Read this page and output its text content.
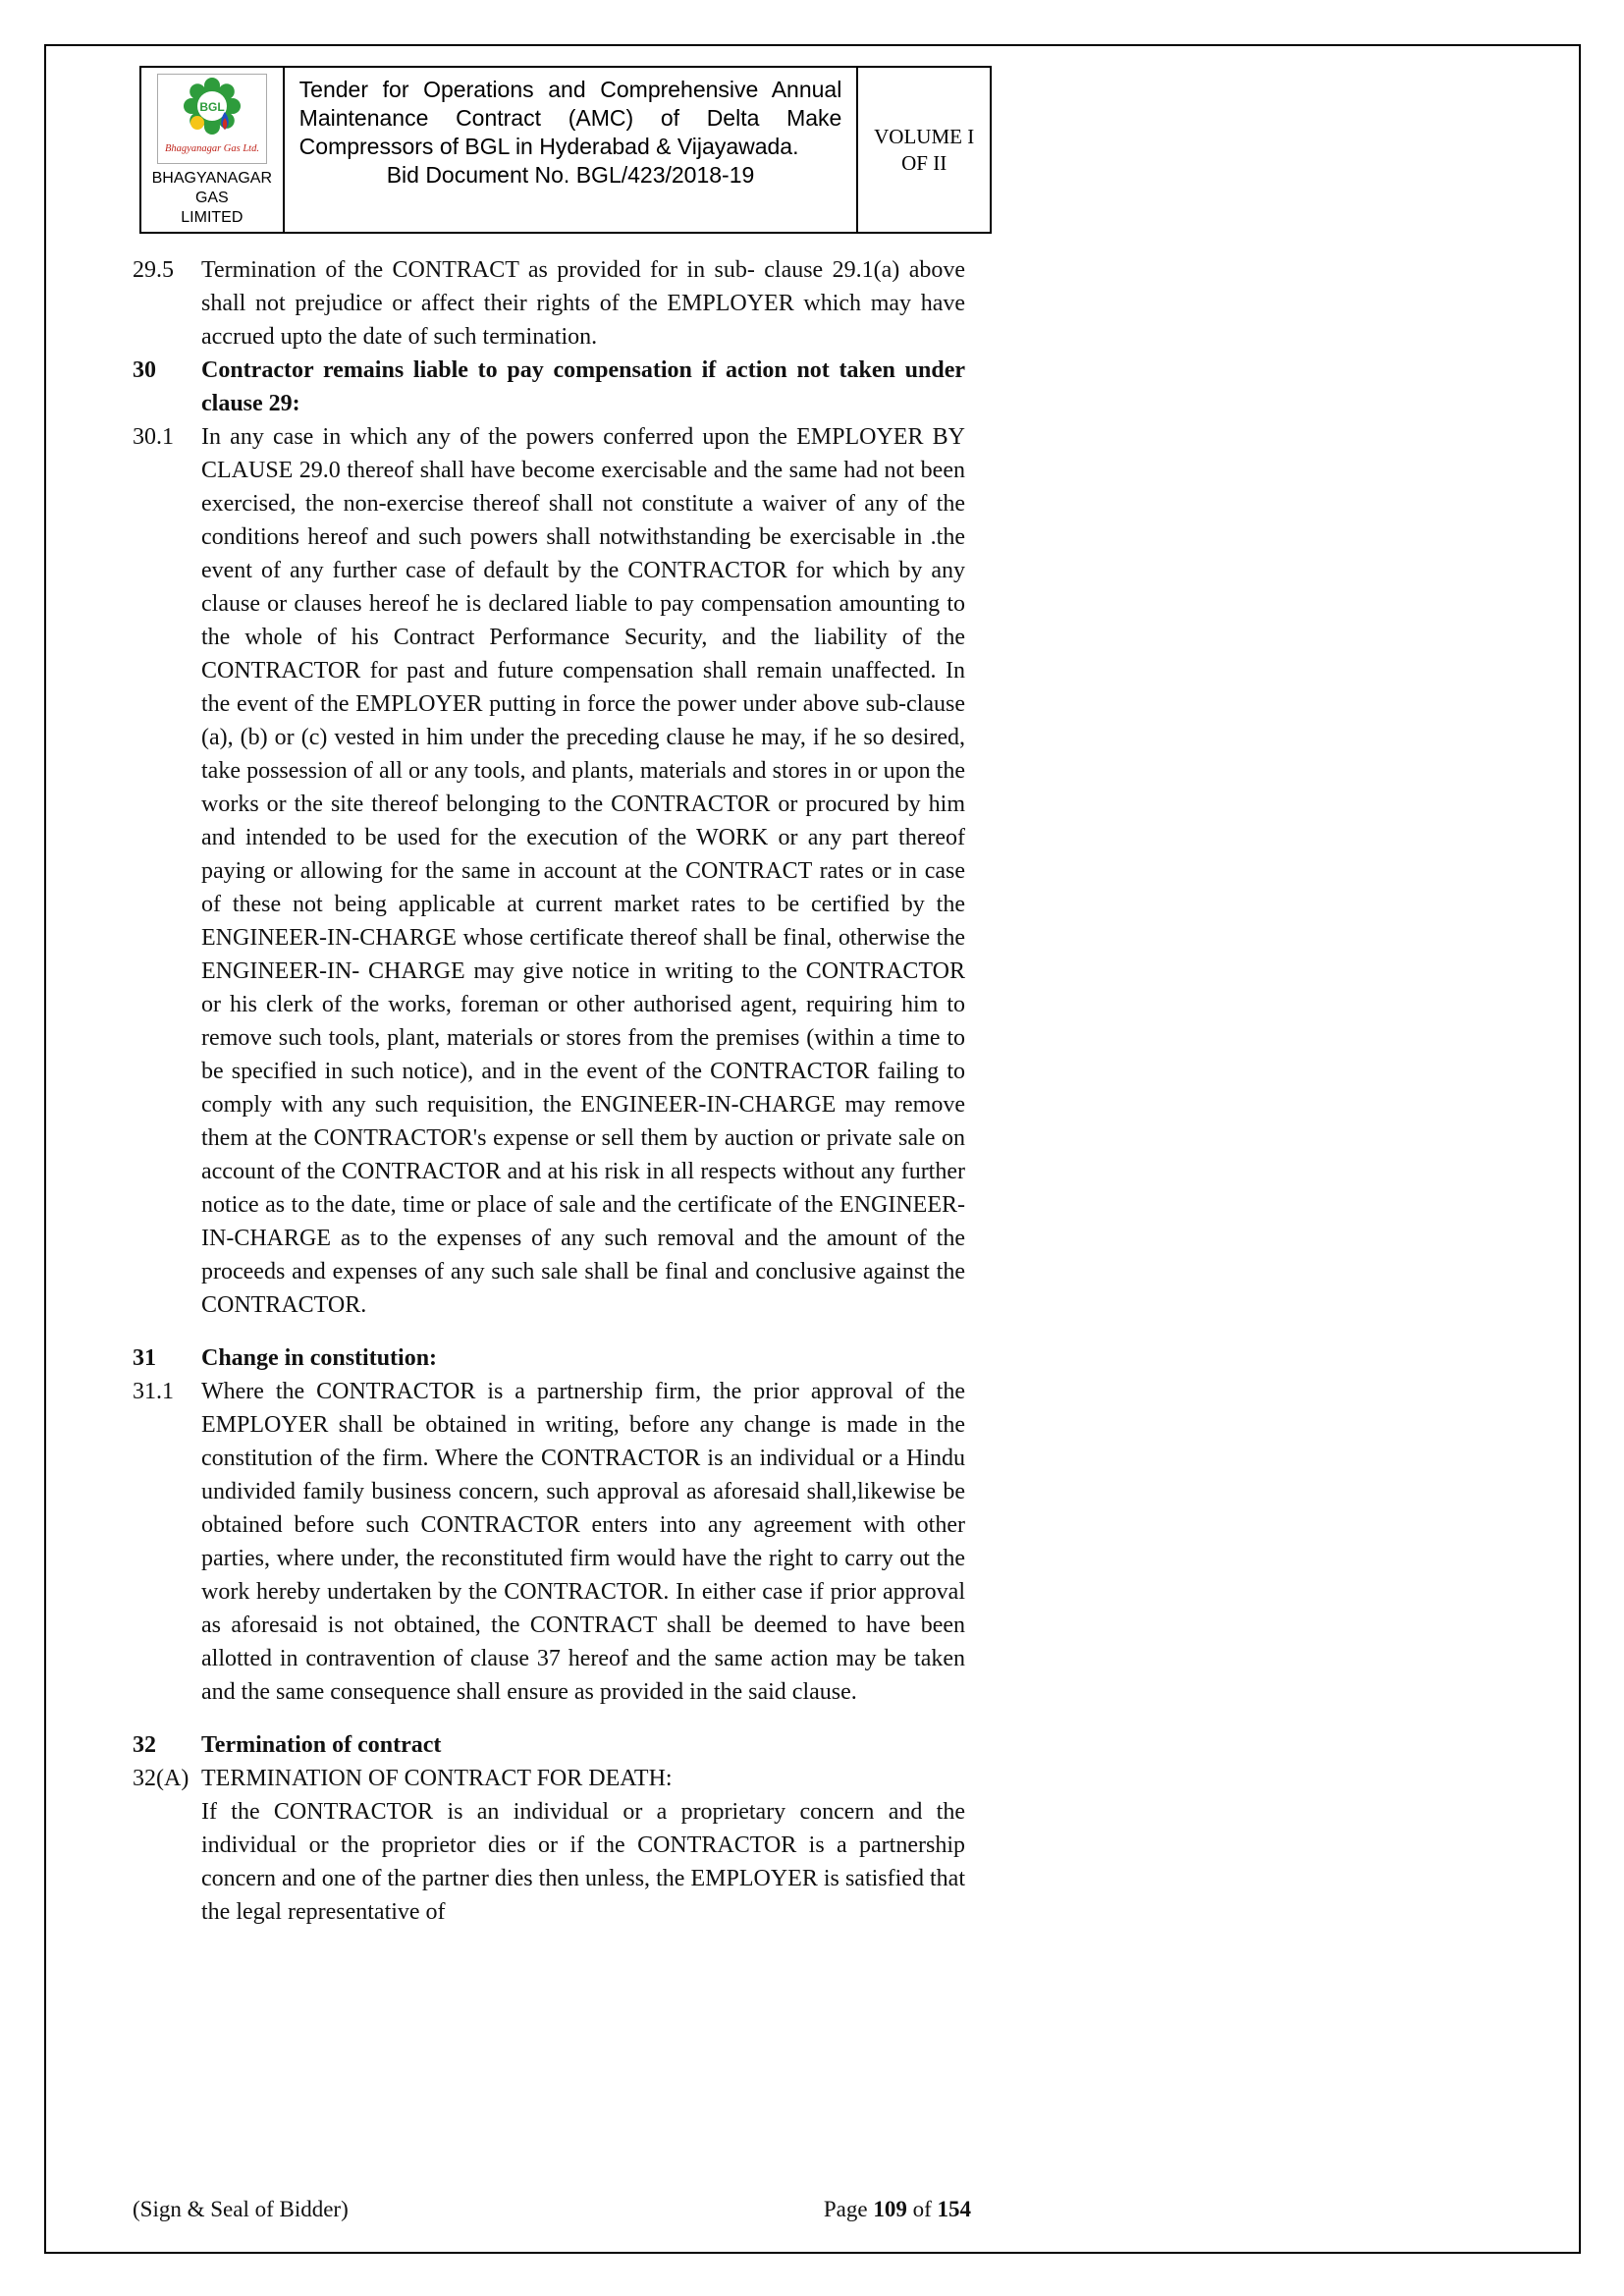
BGL
Bhagyanagar Gas Ltd.
BHAGYANAGAR GAS
LIMITED
Tender for Operations and Comprehensive Annual Maintenance Contract (AMC) of Delta Make Compressors of BGL in Hyderabad & Vijayawada.
Bid Document No. BGL/423/2018-19
VOLUME I
OF II
29.5	Termination of the CONTRACT as provided for in sub- clause 29.1(a) above shall not prejudice or affect their rights of the EMPLOYER which may have accrued upto the date of such termination.
30	Contractor remains liable to pay compensation if action not taken under clause 29:
30.1	In any case in which any of the powers conferred upon the EMPLOYER BY CLAUSE 29.0 thereof shall have become exercisable and the same had not been exercised, the non-exercise thereof shall not constitute a waiver of any of the conditions hereof and such powers shall notwithstanding be exercisable in .the event of any further case of default by the CONTRACTOR for which by any clause or clauses hereof he is declared liable to pay compensation amounting to the whole of his Contract Performance Security, and the liability of the CONTRACTOR for past and future compensation shall remain unaffected. In the event of the EMPLOYER putting in force the power under above sub-clause (a), (b) or (c) vested in him under the preceding clause he may, if he so desired, take possession of all or any tools, and plants, materials and stores in or upon the works or the site thereof belonging to the CONTRACTOR or procured by him and intended to be used for the execution of the WORK or any part thereof paying or allowing for the same in account at the CONTRACT rates or in case of these not being applicable at current market rates to be certified by the ENGINEER-IN-CHARGE whose certificate thereof shall be final, otherwise the ENGINEER-IN- CHARGE may give notice in writing to the CONTRACTOR or his clerk of the works, foreman or other authorised agent, requiring him to remove such tools, plant, materials or stores from the premises (within a time to be specified in such notice), and in the event of the CONTRACTOR failing to comply with any such requisition, the ENGINEER-IN-CHARGE may remove them at the CONTRACTOR's expense or sell them by auction or private sale on account of the CONTRACTOR and at his risk in all respects without any further notice as to the date, time or place of sale and the certificate of the ENGINEER-IN-CHARGE as to the expenses of any such removal and the amount of the proceeds and expenses of any such sale shall be final and conclusive against the CONTRACTOR.
31	Change in constitution:
31.1	Where the CONTRACTOR is a partnership firm, the prior approval of the EMPLOYER shall be obtained in writing, before any change is made in the constitution of the firm. Where the CONTRACTOR is an individual or a Hindu undivided family business concern, such approval as aforesaid shall,likewise be obtained before such CONTRACTOR enters into any agreement with other parties, where under, the reconstituted firm would have the right to carry out the work hereby undertaken by the CONTRACTOR. In either case if prior approval as aforesaid is not obtained, the CONTRACT shall be deemed to have been allotted in contravention of clause 37 hereof and the same action may be taken and the same consequence shall ensure as provided in the said clause.
32	Termination of contract
32(A) TERMINATION OF CONTRACT FOR DEATH:
If the CONTRACTOR is an individual or a proprietary concern and the individual or the proprietor dies or if the CONTRACTOR is a partnership concern and one of the partner dies then unless, the EMPLOYER is satisfied that the legal representative of
(Sign & Seal of Bidder)	Page 109 of 154
